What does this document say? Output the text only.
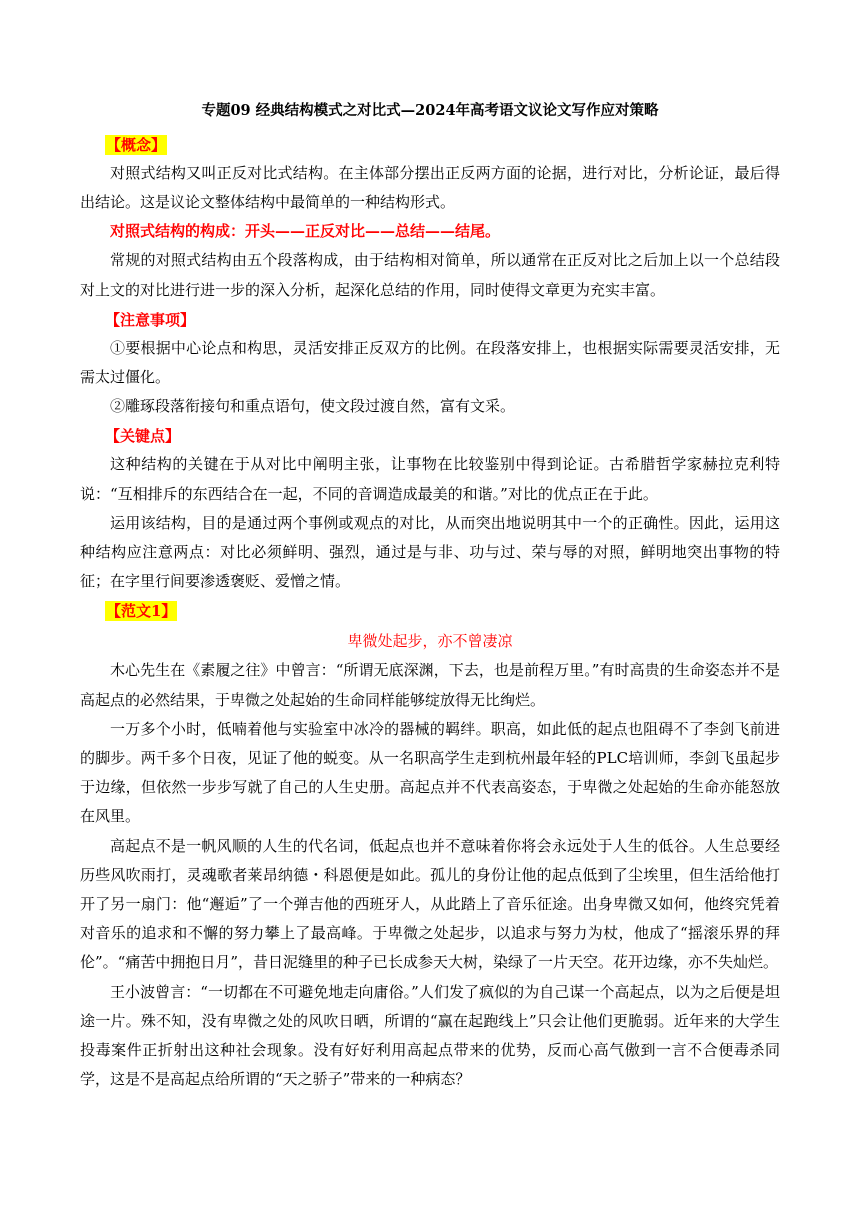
专题09 经典结构模式之对比式—2024年高考语文议论文写作应对策略
【概念】

对照式结构又叫正反对比式结构。在主体部分摆出正反两方面的论据，进行对比，分析论证，最后得出结论。这是议论文整体结构中最简单的一种结构形式。

对照式结构的构成：开头——正反对比——总结——结尾。

常规的对照式结构由五个段落构成，由于结构相对简单，所以通常在正反对比之后加上以一个总结段对上文的对比进行进一步的深入分析，起深化总结的作用，同时使得文章更为充实丰富。

【注意事项】

①要根据中心论点和构思，灵活安排正反双方的比例。在段落安排上，也根据实际需要灵活安排，无需太过僵化。

②雕琢段落衔接句和重点语句，使文段过渡自然，富有文采。

【关键点】

这种结构的关键在于从对比中阐明主张，让事物在比较鉴别中得到论证。古希腊哲学家赫拉克利特说：“互相排斥的东西结合在一起，不同的音调造成最美的和谐。”对比的优点正在于此。

运用该结构，目的是通过两个事例或观点的对比，从而突出地说明其中一个的正确性。因此，运用这种结构应注意两点：对比必须鲜明、强烈，通过是与非、功与过、荣与辱的对照，鲜明地突出事物的特征；在字里行间要渗透褒贬、爱憎之情。

【范文1】
卑微处起步，亦不曾凄凉

木心先生在《素履之往》中曾言：“所谓无底深渊，下去，也是前程万里。”有时高贵的生命姿态并不是高起点的必然结果，于卑微之处起始的生命同样能够绽放得无比绚烂。

一万多个小时，低喃着他与实验室中冰冷的器械的羁绊。职高，如此低的起点也阻碍不了李剑飞前进的脚步。两千多个日夜，见证了他的蜕变。从一名职高学生走到杭州最年轻的PLC培训师，李剑飞虽起步于边缘，但依然一步步写就了自己的人生史册。高起点并不代表高姿态，于卑微之处起始的生命亦能怒放在风里。

高起点不是一帆风顺的人生的代名词，低起点也并不意味着你将会永远处于人生的低谷。人生总要经历些风吹雨打，灵魂歌者莱昂纳德・科恩便是如此。孤儿的身份让他的起点低到了尘埃里，但生活给他打开了另一扇门：他“邂逅”了一个弹吉他的西班牙人，从此踏上了音乐征途。出身卑微又如何，他终究凭着对音乐的追求和不懈的努力攀上了最高峰。于卑微之处起步，以追求与努力为杖，他成了“摇滚乐界的拜伦”。“痛苦中拥抱日月”，昔日泥缝里的种子已长成参天大树，染绿了一片天空。花开边缘，亦不失灿烂。

王小波曾言：“一切都在不可避免地走向庸俗。”人们发了疯似的为自己谋一个高起点，以为之后便是坦途一片。殊不知，没有卑微之处的风吹日晒，所谓的“赢在起跑线上”只会让他们更脆弱。近年来的大学生投毒案件正折射出这种社会现象。没有好好利用高起点带来的优势，反而心高气傲到一言不合便毒杀同学，这是不是高起点给所谓的“天之骄子”带来的一种病态？
